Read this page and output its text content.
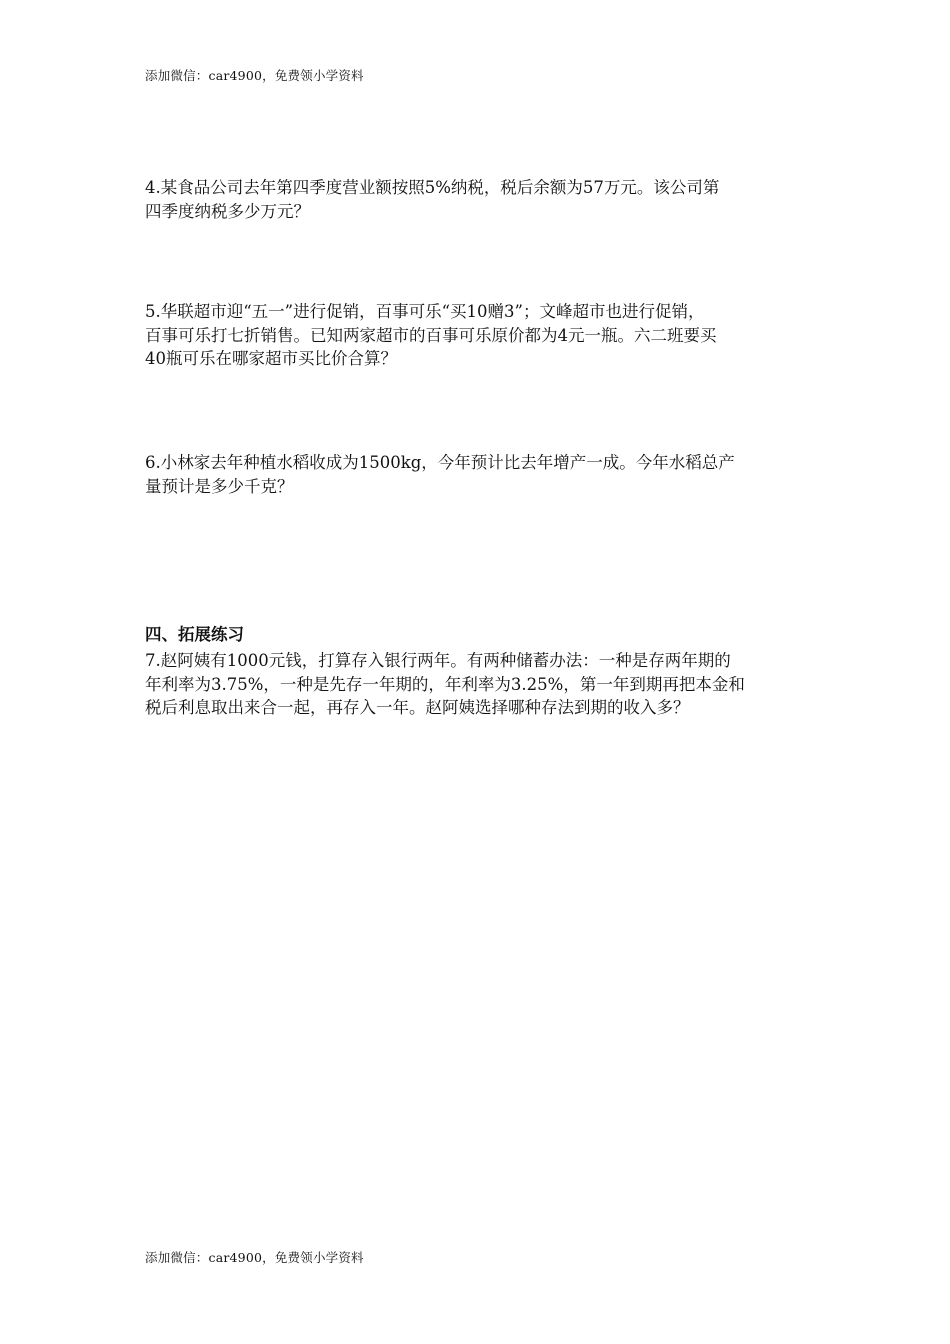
添加微信：car4900，免费领小学资料
4.某食品公司去年第四季度营业额按照5%纳税，税后余额为57万元。该公司第
四季度纳税多少万元？
5.华联超市迎“五一”进行促销，百事可乐“买10赠3”；文峰超市也进行促销，
百事可乐打七折销售。已知两家超市的百事可乐原价都为4元一瓶。六二班要买
40瓶可乐在哪家超市买比价合算？
6.小林家去年种植水稻收成为1500kg，今年预计比去年增产一成。今年水稻总产
量预计是多少千克？
四、拓展练习
7.赵阿姨有1000元钱，打算存入银行两年。有两种储蓄办法：一种是存两年期的
年利率为3.75%，一种是先存一年期的，年利率为3.25%，第一年到期再把本金和
税后利息取出来合一起，再存入一年。赵阿姨选择哪种存法到期的收入多？
添加微信：car4900，免费领小学资料
